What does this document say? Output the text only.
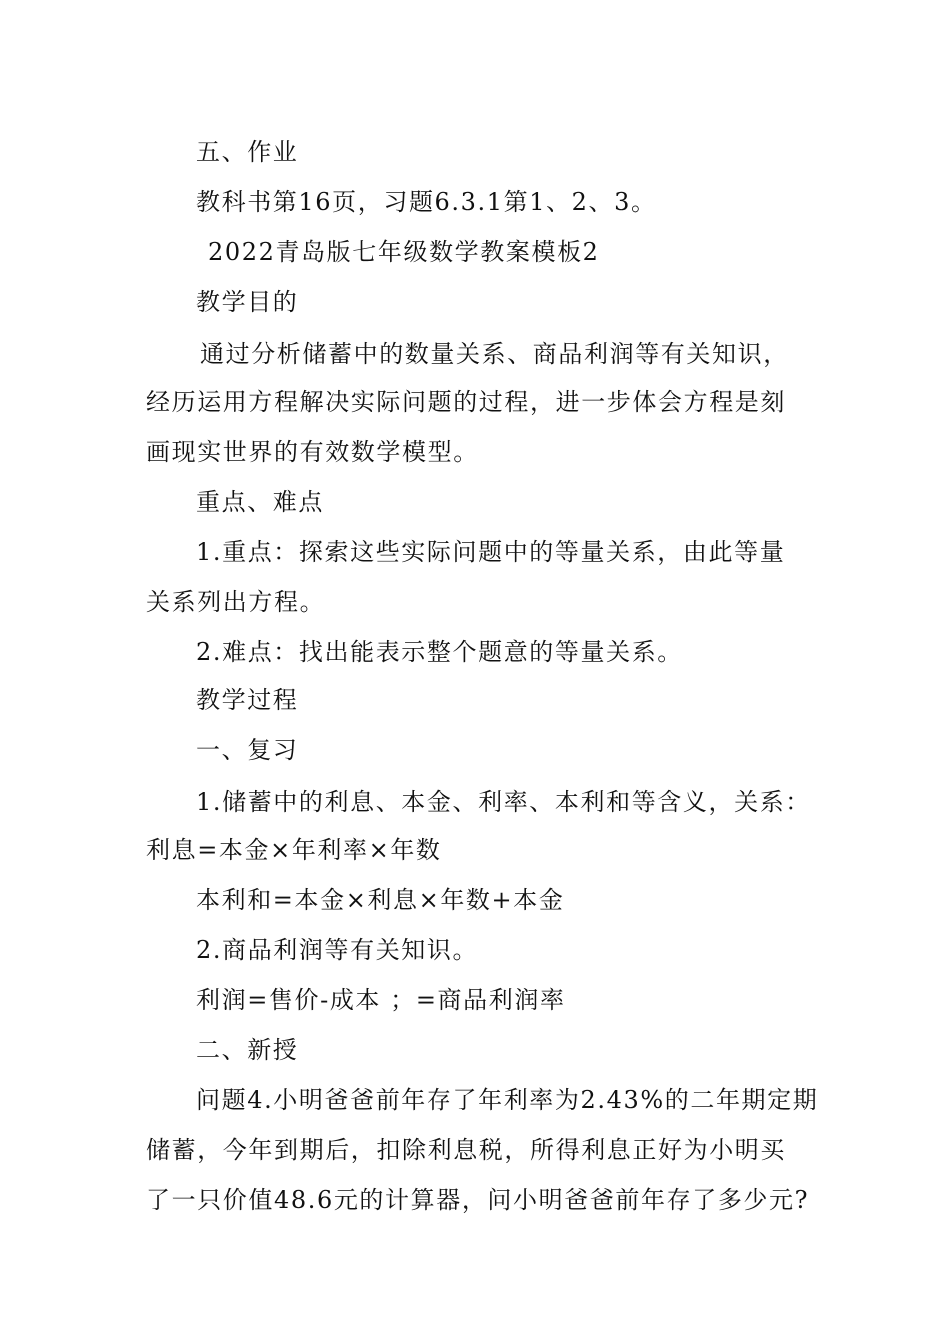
五、作业

教科书第16页，习题6.3.1第1、2、3。

2022青岛版七年级数学教案模板2

教学目的

通过分析储蓄中的数量关系、商品利润等有关知识，

经历运用方程解决实际问题的过程，进一步体会方程是刻

画现实世界的有效数学模型。

重点、难点

1.重点：探索这些实际问题中的等量关系，由此等量

关系列出方程。

2.难点：找出能表示整个题意的等量关系。

教学过程

一、复习

1.储蓄中的利息、本金、利率、本利和等含义，关系：

利息=本金×年利率×年数

本利和=本金×利息×年数+本金

2.商品利润等有关知识。

利润=售价-成本 ；=商品利润率

二、新授

问题4.小明爸爸前年存了年利率为2.43%的二年期定期

储蓄，今年到期后，扣除利息税，所得利息正好为小明买

了一只价值48.6元的计算器，问小明爸爸前年存了多少元?
